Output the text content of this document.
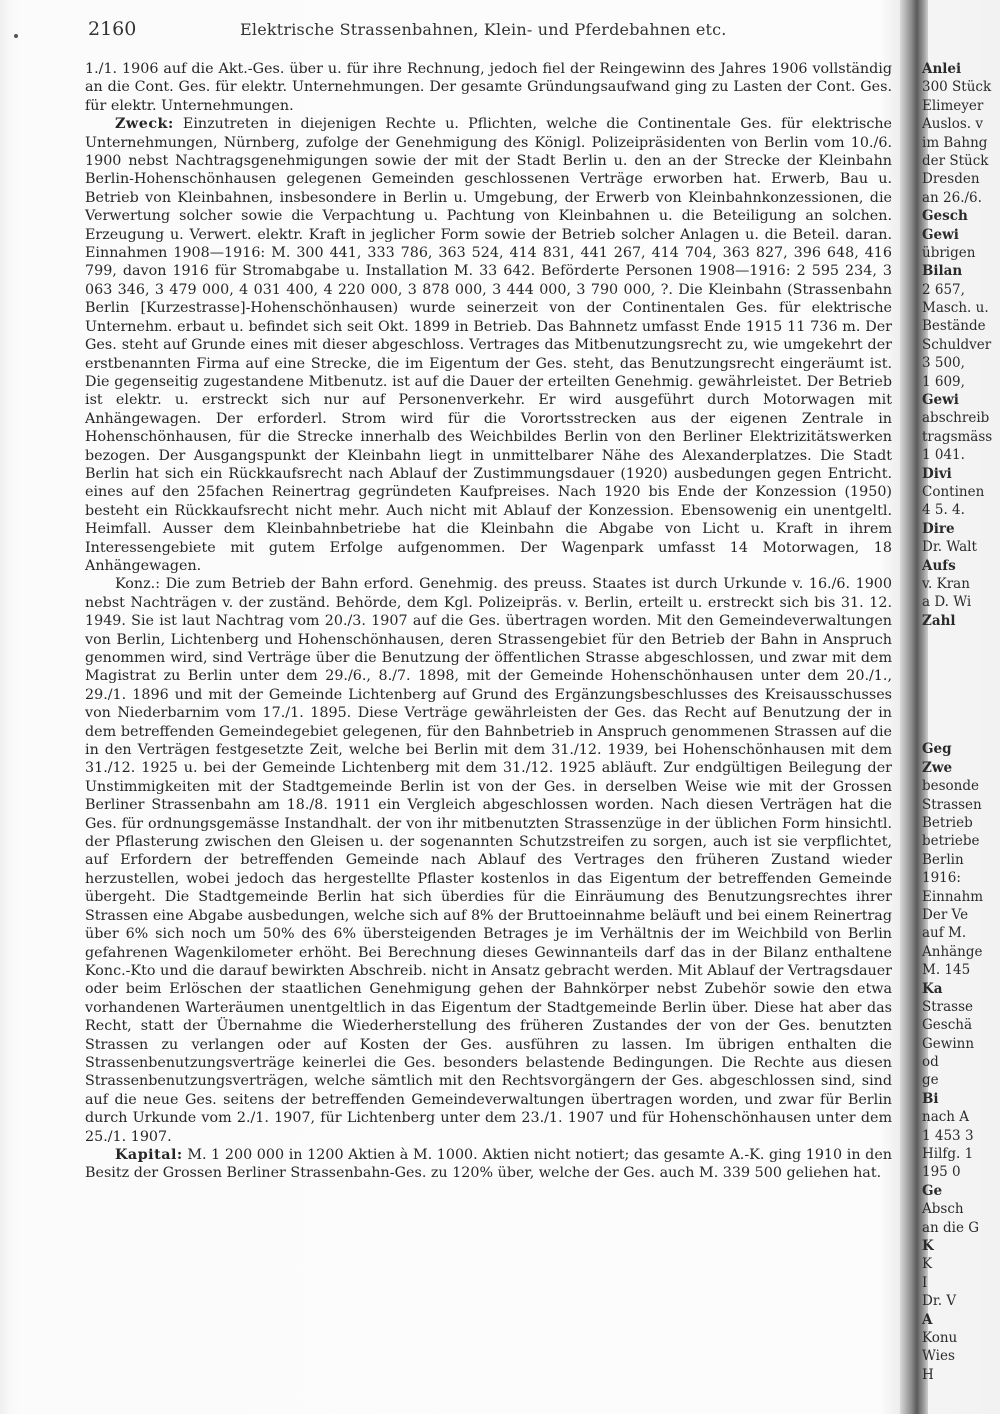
2160	Elektrische Strassenbahnen, Klein- und Pferdebahnen etc.

1./1. 1906 auf die Akt.-Ges. über u. für ihre Rechnung, jedoch fiel der Reingewinn des Jahres 1906 vollständig an die Cont. Ges. für elektr. Unternehmungen. Der gesamte Gründungsaufwand ging zu Lasten der Cont. Ges. für elektr. Unternehmungen.

Zweck: Einzutreten in diejenigen Rechte u. Pflichten, welche die Continentale Ges. für elektrische Unternehmungen, Nürnberg, zufolge der Genehmigung des Königl. Polizeipräsidenten von Berlin vom 10./6. 1900 nebst Nachtragsgenehmigungen sowie der mit der Stadt Berlin u. den an der Strecke der Kleinbahn Berlin-Hohenschönhausen gelegenen Gemeinden geschlossenen Verträge erworben hat. Erwerb, Bau u. Betrieb von Kleinbahnen, insbesondere in Berlin u. Umgebung, der Erwerb von Kleinbahnkonzessionen, die Verwertung solcher sowie die Verpachtung u. Pachtung von Kleinbahnen u. die Beteiligung an solchen. Erzeugung u. Verwert. elektr. Kraft in jeglicher Form sowie der Betrieb solcher Anlagen u. die Beteil. daran. Einnahmen 1908—1916: M. 300 441, 333 786, 363 524, 414 831, 441 267, 414 704, 363 827, 396 648, 416 799, davon 1916 für Stromabgabe u. Installation M. 33 642. Beförderte Personen 1908—1916: 2 595 234, 3 063 346, 3 479 000, 4 031 400, 4 220 000, 3 878 000, 3 444 000, 3 790 000, ?. Die Kleinbahn (Strassenbahn Berlin [Kurzestrasse]-Hohenschönhausen) wurde seinerzeit von der Continentalen Ges. für elektrische Unternehm. erbaut u. befindet sich seit Okt. 1899 in Betrieb. Das Bahnnetz umfasst Ende 1915 11 736 m. Der Ges. steht auf Grunde eines mit dieser abgeschloss. Vertrages das Mitbenutzungsrecht zu, wie umgekehrt der erstbenannten Firma auf eine Strecke, die im Eigentum der Ges. steht, das Benutzungsrecht eingeräumt ist. Die gegenseitig zugestandene Mitbenutz. ist auf die Dauer der erteilten Genehmig. gewährleistet. Der Betrieb ist elektr. u. erstreckt sich nur auf Personenverkehr. Er wird ausgeführt durch Motorwagen mit Anhängewagen. Der erforderl. Strom wird für die Vorortsstrecken aus der eigenen Zentrale in Hohenschönhausen, für die Strecke innerhalb des Weichbildes Berlin von den Berliner Elektrizitätswerken bezogen. Der Ausgangspunkt der Kleinbahn liegt in unmittelbarer Nähe des Alexanderplatzes. Die Stadt Berlin hat sich ein Rückkaufsrecht nach Ablauf der Zustimmungsdauer (1920) ausbedungen gegen Entricht. eines auf den 25fachen Reinertrag gegründeten Kaufpreises. Nach 1920 bis Ende der Konzession (1950) besteht ein Rückkaufsrecht nicht mehr. Auch nicht mit Ablauf der Konzession. Ebensowenig ein unentgeltl. Heimfall. Ausser dem Kleinbahnbetriebe hat die Kleinbahn die Abgabe von Licht u. Kraft in ihrem Interessengebiete mit gutem Erfolge aufgenommen. Der Wagenpark umfasst 14 Motorwagen, 18 Anhängewagen.

Konz.: Die zum Betrieb der Bahn erford. Genehmig. des preuss. Staates ist durch Urkunde v. 16./6. 1900 nebst Nachträgen v. der zuständ. Behörde, dem Kgl. Polizeipräs. v. Berlin, erteilt u. erstreckt sich bis 31. 12. 1949. Sie ist laut Nachtrag vom 20./3. 1907 auf die Ges. übertragen worden. Mit den Gemeindeverwaltungen von Berlin, Lichtenberg und Hohenschönhausen, deren Strassengebiet für den Betrieb der Bahn in Anspruch genommen wird, sind Verträge über die Benutzung der öffentlichen Strasse abgeschlossen, und zwar mit dem Magistrat zu Berlin unter dem 29./6., 8./7. 1898, mit der Gemeinde Hohenschönhausen unter dem 20./1., 29./1. 1896 und mit der Gemeinde Lichtenberg auf Grund des Ergänzungsbeschlusses des Kreisausschusses von Niederbarnim vom 17./1. 1895. Diese Verträge gewährleisten der Ges. das Recht auf Benutzung der in dem betreffenden Gemeindegebiet gelegenen, für den Bahnbetrieb in Anspruch genommenen Strassen auf die in den Verträgen festgesetzte Zeit, welche bei Berlin mit dem 31./12. 1939, bei Hohenschönhausen mit dem 31./12. 1925 u. bei der Gemeinde Lichtenberg mit dem 31./12. 1925 abläuft. Zur endgültigen Beilegung der Unstimmigkeiten mit der Stadtgemeinde Berlin ist von der Ges. in derselben Weise wie mit der Grossen Berliner Strassenbahn am 18./8. 1911 ein Vergleich abgeschlossen worden. Nach diesen Verträgen hat die Ges. für ordnungsgemässe Instandhalt. der von ihr mitbenutzten Strassenzüge in der üblichen Form hinsichtl. der Pflasterung zwischen den Gleisen u. der sogenannten Schutzstreifen zu sorgen, auch ist sie verpflichtet, auf Erfordern der betreffenden Gemeinde nach Ablauf des Vertrages den früheren Zustand wieder herzustellen, wobei jedoch das hergestellte Pflaster kostenlos in das Eigentum der betreffenden Gemeinde übergeht. Die Stadtgemeinde Berlin hat sich überdies für die Einräumung des Benutzungsrechtes ihrer Strassen eine Abgabe ausbedungen, welche sich auf 8% der Bruttoeinnahme beläuft und bei einem Reinertrag über 6% sich noch um 50% des 6% übersteigenden Betrages je im Verhältnis der im Weichbild von Berlin gefahrenen Wagenkilometer erhöht. Bei Berechnung dieses Gewinnanteils darf das in der Bilanz enthaltene Konc.-Kto und die darauf bewirkten Abschreib. nicht in Ansatz gebracht werden. Mit Ablauf der Vertragsdauer oder beim Erlöschen der staatlichen Genehmigung gehen der Bahnkörper nebst Zubehör sowie den etwa vorhandenen Warteräumen unentgeltlich in das Eigentum der Stadtgemeinde Berlin über. Diese hat aber das Recht, statt der Übernahme die Wiederherstellung des früheren Zustandes der von der Ges. benutzten Strassen zu verlangen oder auf Kosten der Ges. ausführen zu lassen. Im übrigen enthalten die Strassenbenutzungsverträge keinerlei die Ges. besonders belastende Bedingungen. Die Rechte aus diesen Strassenbenutzungsverträgen, welche sämtlich mit den Rechtsvorgängern der Ges. abgeschlossen sind, sind auf die neue Ges. seitens der betreffenden Gemeindeverwaltungen übertragen worden, und zwar für Berlin durch Urkunde vom 2./1. 1907, für Lichtenberg unter dem 23./1. 1907 und für Hohenschönhausen unter dem 25./1. 1907.

Kapital: M. 1 200 000 in 1200 Aktien à M. 1000. Aktien nicht notiert; das gesamte A.-K. ging 1910 in den Besitz der Grossen Berliner Strassenbahn-Ges. zu 120% über, welche der Ges. auch M. 339 500 geliehen hat.

Anlei
300 Stück
Elimeyer
Auslos. v
im Bahng
der Stück
Dresden
an 26./6.
Gesch
Gewi
übrigen
Bilan
2 657,
Masch. u.
Bestände
Schuldver
3 500,
1 609,
Gewi
abschreib
tragsmäss
1 041.
Divi
Continen
4 5. 4.
Dire
Dr. Walt
Aufs
v. Kran
a D. Wi
Zahl
Geg
Zwe
besonde
Strassen
Betrieb
betriebe
Berlin
1916:
Einnahm
Der Ve
auf M.
Anhänge
M. 145
Ka
Strasse
Geschä
Gewinn
od
ge
Bi
nach A
1 453 3
Hilfg. 1
195 0
Ge
Absch
an die G
K
K
I
Dr. V
A
Konu
Wies
H
